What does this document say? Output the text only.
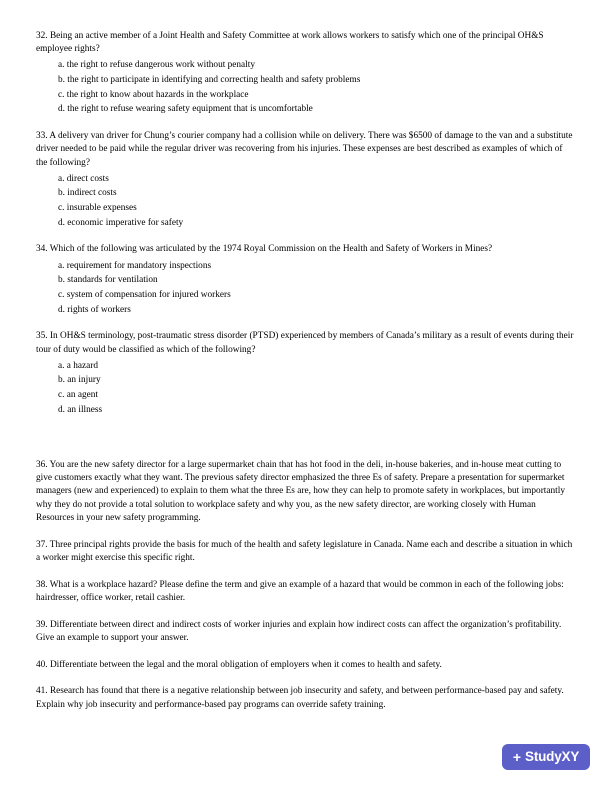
32. Being an active member of a Joint Health and Safety Committee at work allows workers to satisfy which one of the principal OH&S employee rights?

a. the right to refuse dangerous work without penalty
b. the right to participate in identifying and correcting health and safety problems
c. the right to know about hazards in the workplace
d. the right to refuse wearing safety equipment that is uncomfortable

33. A delivery van driver for Chung’s courier company had a collision while on delivery. There was $6500 of damage to the van and a substitute driver needed to be paid while the regular driver was recovering from his injuries. These expenses are best described as examples of which of the following?

a. direct costs
b. indirect costs
c. insurable expenses
d. economic imperative for safety

34. Which of the following was articulated by the 1974 Royal Commission on the Health and Safety of Workers in Mines?

a. requirement for mandatory inspections
b. standards for ventilation
c. system of compensation for injured workers
d. rights of workers

35. In OH&S terminology, post-traumatic stress disorder (PTSD) experienced by members of Canada’s military as a result of events during their tour of duty would be classified as which of the following?

a. a hazard
b. an injury
c. an agent
d. an illness

36. You are the new safety director for a large supermarket chain that has hot food in the deli, in-house bakeries, and in-house meat cutting to give customers exactly what they want. The previous safety director emphasized the three Es of safety. Prepare a presentation for supermarket managers (new and experienced) to explain to them what the three Es are, how they can help to promote safety in workplaces, but importantly why they do not provide a total solution to workplace safety and why you, as the new safety director, are working closely with Human Resources in your new safety programming.

37. Three principal rights provide the basis for much of the health and safety legislature in Canada. Name each and describe a situation in which a worker might exercise this specific right.

38. What is a workplace hazard? Please define the term and give an example of a hazard that would be common in each of the following jobs: hairdresser, office worker, retail cashier.

39. Differentiate between direct and indirect costs of worker injuries and explain how indirect costs can affect the organization’s profitability. Give an example to support your answer.

40. Differentiate between the legal and the moral obligation of employers when it comes to health and safety.

41. Research has found that there is a negative relationship between job insecurity and safety, and between performance-based pay and safety. Explain why job insecurity and performance-based pay programs can override safety training.

+ StudyXY
